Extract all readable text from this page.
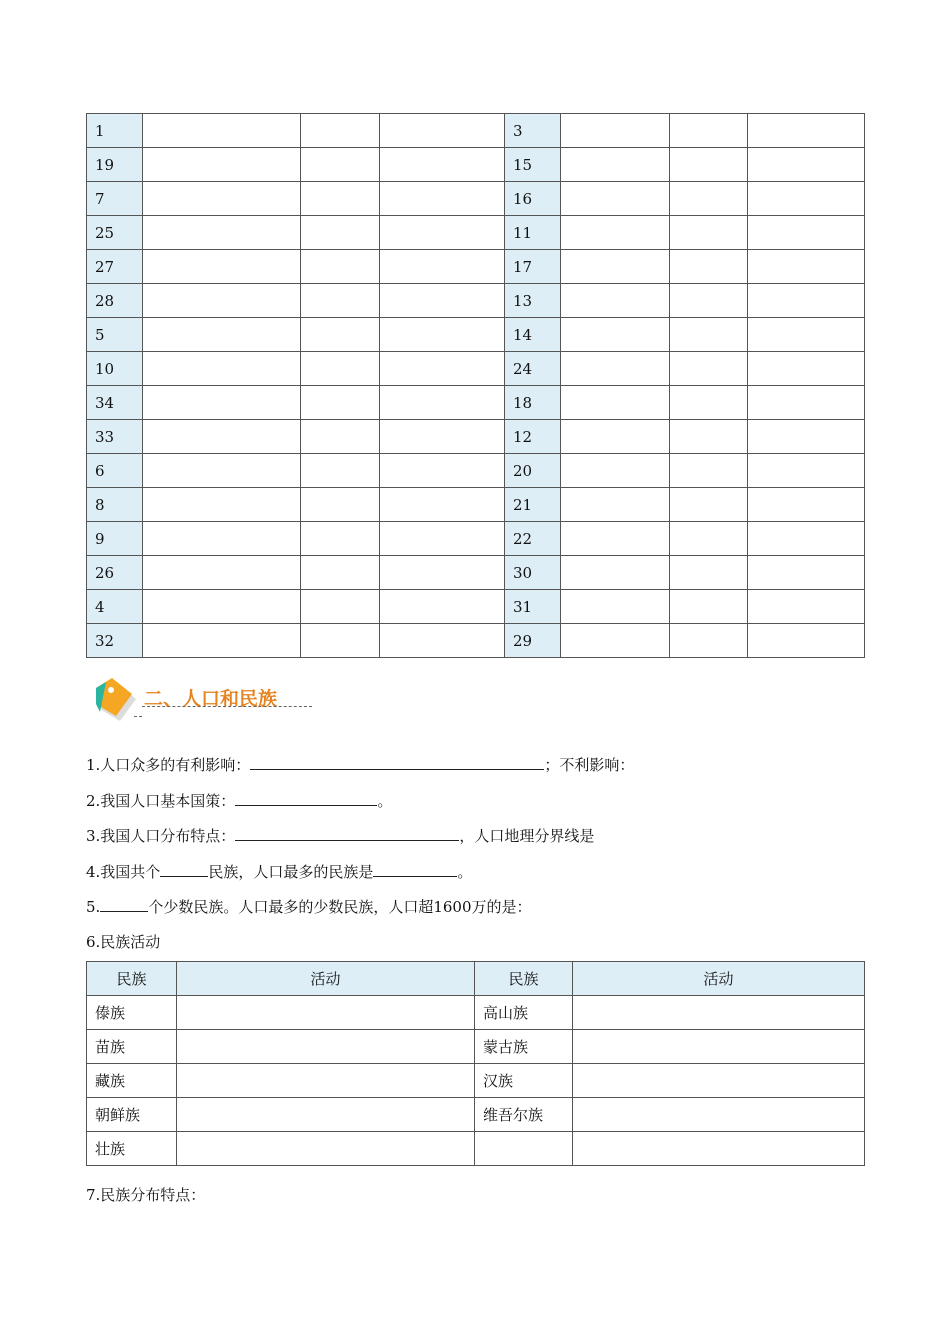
1				3			
19				15			
7				16			
25				11			
27				17			
28				13			
5				14			
10				24			
34				18			
33				12			
6				20			
8				21			
9				22			
26				30			
4				31			
32				29			
二、人口和民族
1.人口众多的有利影响：	；不利影响：
2.我国人口基本国策：	。
3.我国人口分布特点：	，人口地理分界线是
4.我国共个	民族，人口最多的民族是	。
5.	个少数民族。人口最多的少数民族，人口超1600万的是：
6.民族活动
民族	活动	民族	活动
傣族		高山族	
苗族		蒙古族	
藏族		汉族	
朝鲜族		维吾尔族	
壮族			
7.民族分布特点：
